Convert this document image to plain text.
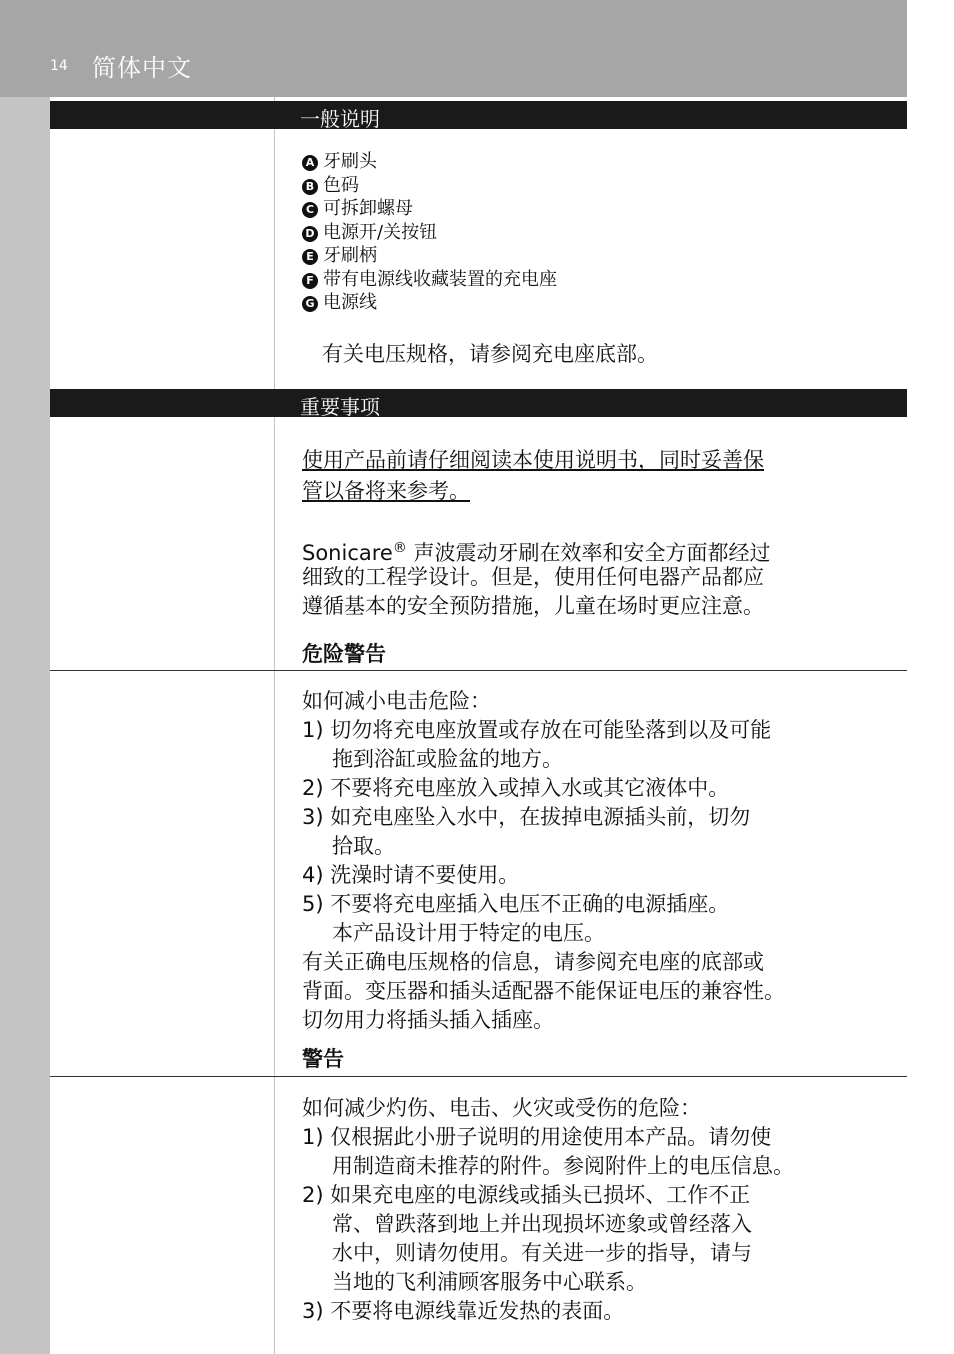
14 简体中文
一般说明
A 牙刷头
B 色码
C 可拆卸螺母
D 电源开/关按钮
E 牙刷柄
F 带有电源线收藏装置的充电座
G 电源线
有关电压规格，请参阅充电座底部。
重要事项
使用产品前请仔细阅读本使用说明书，同时妥善保
管以备将来参考。
Sonicare® 声波震动牙刷在效率和安全方面都经过
细致的工程学设计。但是，使用任何电器产品都应
遵循基本的安全预防措施，儿童在场时更应注意。
危险警告
如何减小电击危险：
1) 切勿将充电座放置或存放在可能坠落到以及可能
拖到浴缸或脸盆的地方。
2) 不要将充电座放入或掉入水或其它液体中。
3) 如充电座坠入水中，在拔掉电源插头前，切勿
拾取。
4) 洗澡时请不要使用。
5) 不要将充电座插入电压不正确的电源插座。
本产品设计用于特定的电压。
有关正确电压规格的信息，请参阅充电座的底部或
背面。变压器和插头适配器不能保证电压的兼容性。
切勿用力将插头插入插座。
警告
如何减少灼伤、电击、火灾或受伤的危险：
1) 仅根据此小册子说明的用途使用本产品。请勿使
用制造商未推荐的附件。参阅附件上的电压信息。
2) 如果充电座的电源线或插头已损坏、工作不正
常、曾跌落到地上并出现损坏迹象或曾经落入
水中，则请勿使用。有关进一步的指导，请与
当地的飞利浦顾客服务中心联系。
3) 不要将电源线靠近发热的表面。
